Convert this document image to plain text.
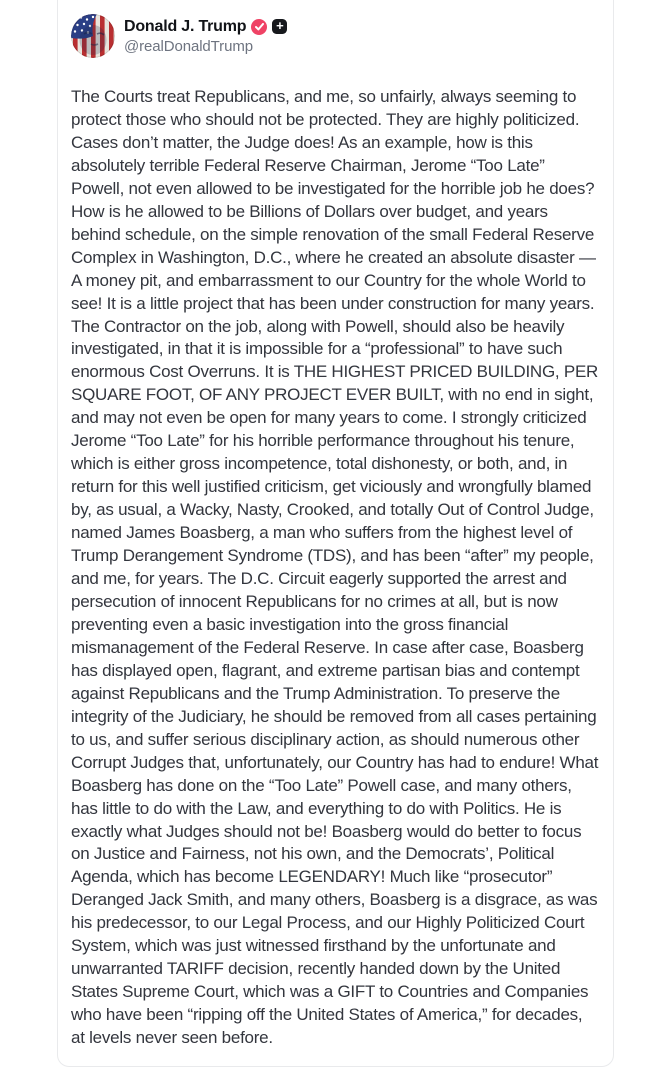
Donald J. Trump +
@realDonaldTrump
The Courts treat Republicans, and me, so unfairly, always seeming to protect those who should not be protected. They are highly politicized. Cases don’t matter, the Judge does! As an example, how is this absolutely terrible Federal Reserve Chairman, Jerome “Too Late” Powell, not even allowed to be investigated for the horrible job he does? How is he allowed to be Billions of Dollars over budget, and years behind schedule, on the simple renovation of the small Federal Reserve Complex in Washington, D.C., where he created an absolute disaster — A money pit, and embarrassment to our Country for the whole World to see! It is a little project that has been under construction for many years. The Contractor on the job, along with Powell, should also be heavily investigated, in that it is impossible for a “professional” to have such enormous Cost Overruns. It is THE HIGHEST PRICED BUILDING, PER SQUARE FOOT, OF ANY PROJECT EVER BUILT, with no end in sight, and may not even be open for many years to come. I strongly criticized Jerome “Too Late” for his horrible performance throughout his tenure, which is either gross incompetence, total dishonesty, or both, and, in return for this well justified criticism, get viciously and wrongfully blamed by, as usual, a Wacky, Nasty, Crooked, and totally Out of Control Judge, named James Boasberg, a man who suffers from the highest level of Trump Derangement Syndrome (TDS), and has been “after” my people, and me, for years. The D.C. Circuit eagerly supported the arrest and persecution of innocent Republicans for no crimes at all, but is now preventing even a basic investigation into the gross financial mismanagement of the Federal Reserve. In case after case, Boasberg has displayed open, flagrant, and extreme partisan bias and contempt against Republicans and the Trump Administration. To preserve the integrity of the Judiciary, he should be removed from all cases pertaining to us, and suffer serious disciplinary action, as should numerous other Corrupt Judges that, unfortunately, our Country has had to endure! What Boasberg has done on the “Too Late” Powell case, and many others, has little to do with the Law, and everything to do with Politics. He is exactly what Judges should not be! Boasberg would do better to focus on Justice and Fairness, not his own, and the Democrats’, Political Agenda, which has become LEGENDARY! Much like “prosecutor” Deranged Jack Smith, and many others, Boasberg is a disgrace, as was his predecessor, to our Legal Process, and our Highly Politicized Court System, which was just witnessed firsthand by the unfortunate and unwarranted TARIFF decision, recently handed down by the United States Supreme Court, which was a GIFT to Countries and Companies who have been “ripping off the United States of America,” for decades, at levels never seen before.
